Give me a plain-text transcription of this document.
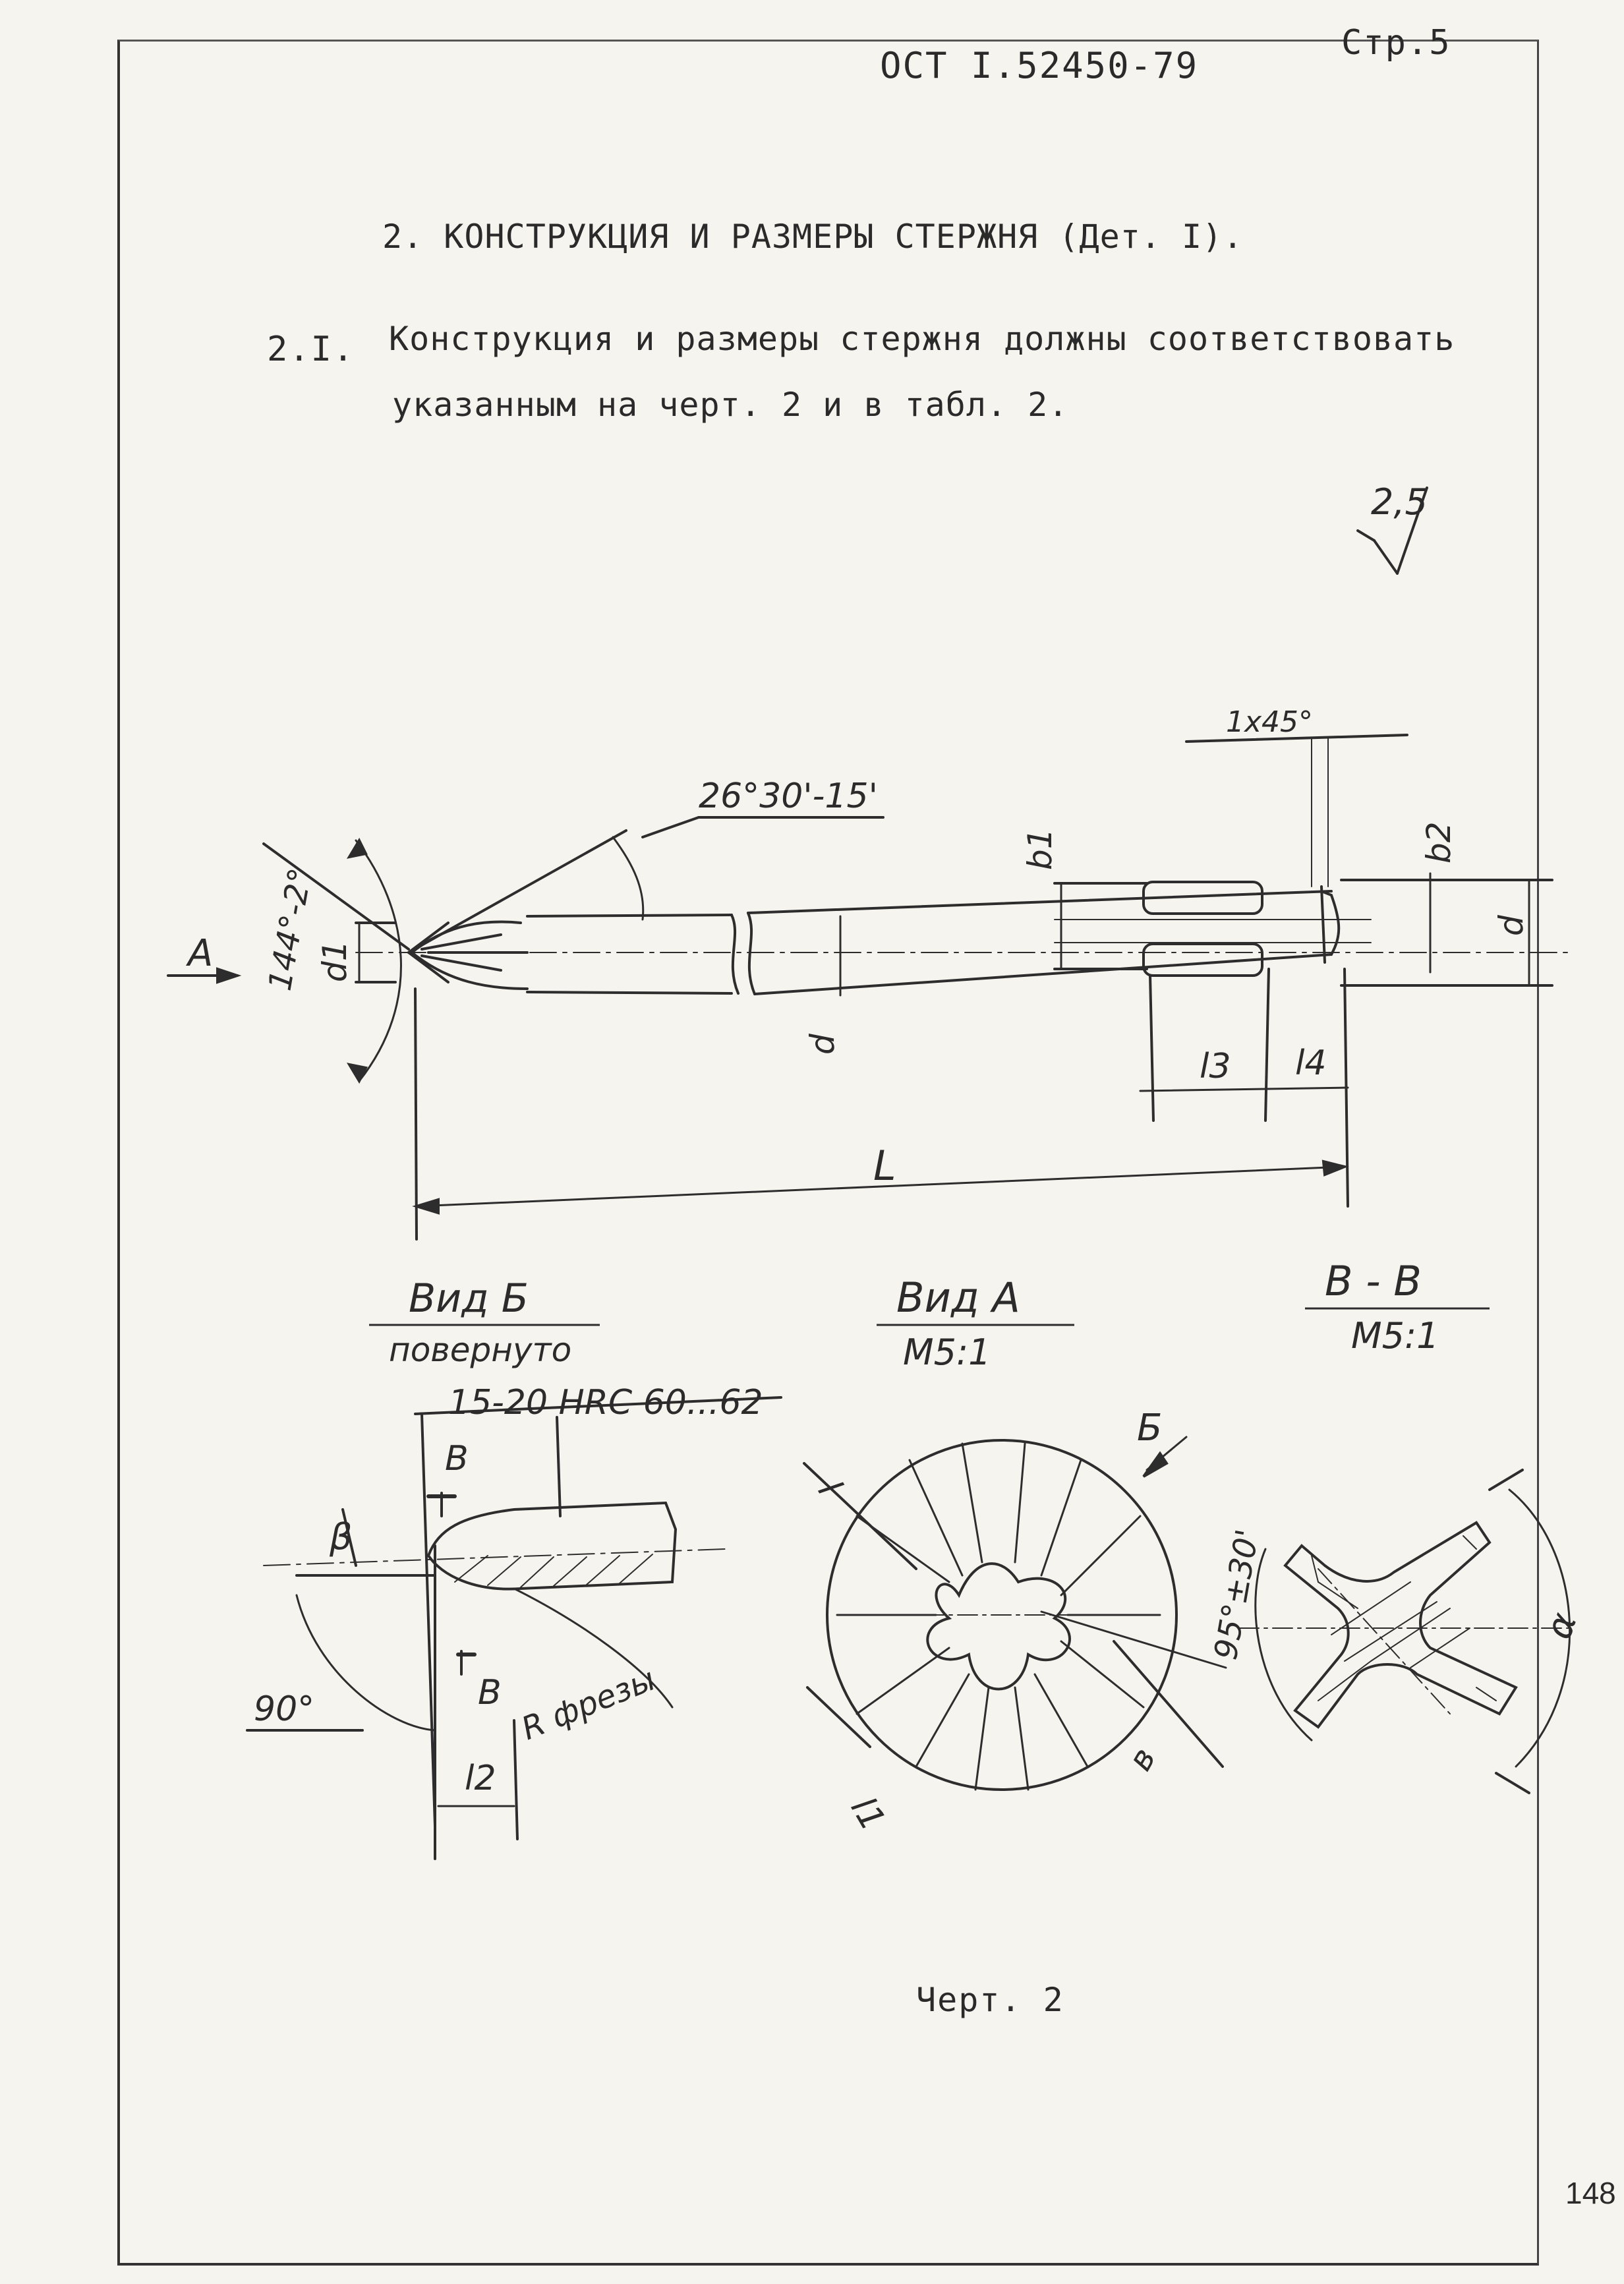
ОСТ I.52450-79
Стр.5
2. КОНСТРУКЦИЯ И РАЗМЕРЫ СТЕРЖНЯ (Дет. I).
2.I. Конструкция и размеры стержня должны соответствовать
указанным на черт. 2 и в табл. 2.
А 144°-2°
26°30'-15'
1x45°
d1
d
b1	b2
d
l3 l4
L
Вид Б
повернуто
15-20 HRC 60...62
В
В
β
90°	R фрезы
l2
Вид А
М5:1
Б
l
l1
в
В - В
М5:1
95°±30'	α
2,5
Черт. 2
148
